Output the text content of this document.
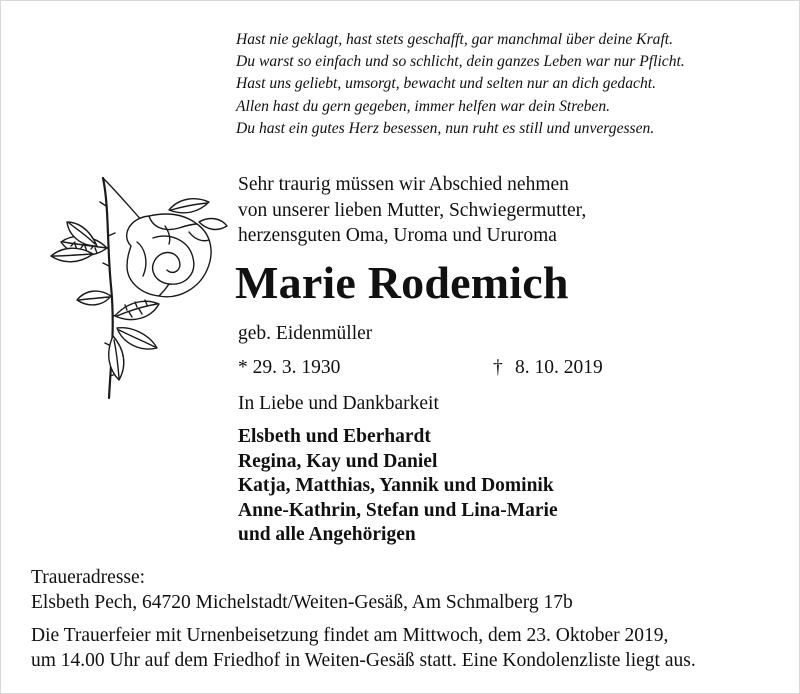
Hast nie geklagt, hast stets geschafft, gar manchmal über deine Kraft.
Du warst so einfach und so schlicht, dein ganzes Leben war nur Pflicht.
Hast uns geliebt, umsorgt, bewacht und selten nur an dich gedacht.
Allen hast du gern gegeben, immer helfen war dein Streben.
Du hast ein gutes Herz besessen, nun ruht es still und unvergessen.
Sehr traurig müssen wir Abschied nehmen
von unserer lieben Mutter, Schwiegermutter,
herzensguten Oma, Uroma und Ururoma
Marie Rodemich
geb. Eidenmüller
* 29. 3. 1930	† 8. 10. 2019
In Liebe und Dankbarkeit
Elsbeth und Eberhardt
Regina, Kay und Daniel
Katja, Matthias, Yannik und Dominik
Anne-Kathrin, Stefan und Lina-Marie
und alle Angehörigen
Traueradresse:
Elsbeth Pech, 64720 Michelstadt/Weiten-Gesäß, Am Schmalberg 17b
Die Trauerfeier mit Urnenbeisetzung findet am Mittwoch, dem 23. Oktober 2019,
um 14.00 Uhr auf dem Friedhof in Weiten-Gesäß statt. Eine Kondolenzliste liegt aus.
